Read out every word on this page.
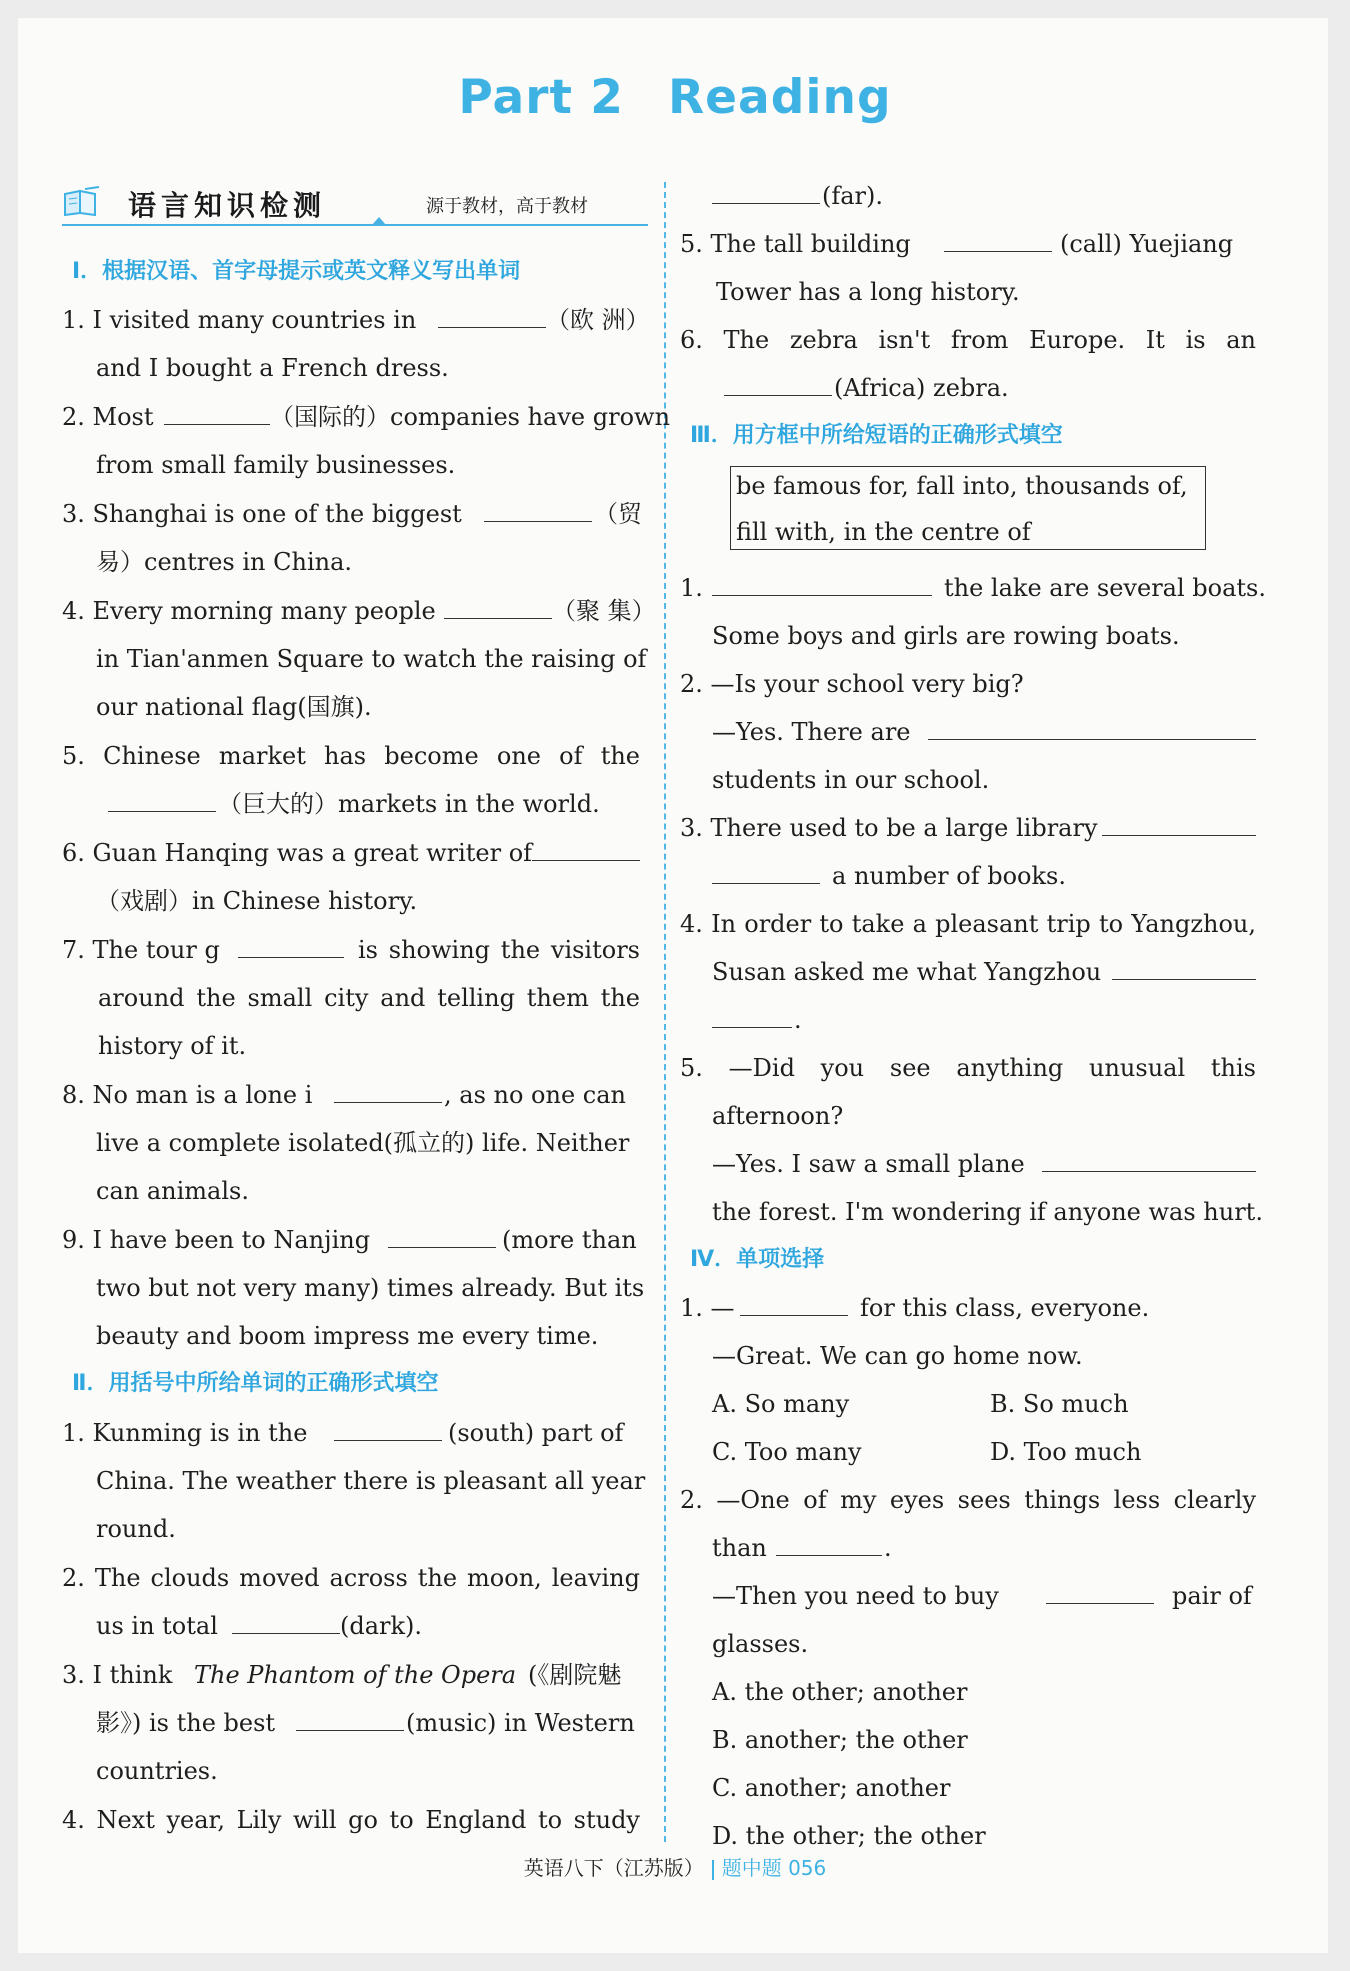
Part 2 Reading
语言知识检测	源于教材，高于教材
Ⅰ．根据汉语、首字母提示或英文释义写出单词
1. I visited many countries in	（欧 洲）
and I bought a French dress.
2. Most	（国际的）companies have grown
from small family businesses.
3. Shanghai is one of the biggest	（贸
易）centres in China.
4. Every morning many people	（聚 集）
in Tian'anmen Square to watch the raising of
our national flag(国旗).
5. Chinese market has become one of the
（巨大的）markets in the world.
6. Guan Hanqing was a great writer of
（戏剧）in Chinese history.
7. The tour g	is showing the visitors
around the small city and telling them the
history of it.
8. No man is a lone i	, as no one can
live a complete isolated(孤立的) life. Neither
can animals.
9. I have been to Nanjing	(more than
two but not very many) times already. But its
beauty and boom impress me every time.
Ⅱ．用括号中所给单词的正确形式填空
1. Kunming is in the	(south) part of
China. The weather there is pleasant all year
round.
2. The clouds moved across the moon, leaving
us in total	(dark).
3. I think The Phantom of the Opera (《剧院魅
影》) is the best	(music) in Western
countries.
4. Next year, Lily will go to England to study
(far).
5. The tall building	(call) Yuejiang
Tower has a long history.
6. The zebra isn't from Europe. It is an
(Africa) zebra.
Ⅲ．用方框中所给短语的正确形式填空
be famous for, fall into, thousands of,
fill with, in the centre of
1.	the lake are several boats.
Some boys and girls are rowing boats.
2. —Is your school very big?
—Yes. There are
students in our school.
3. There used to be a large library
a number of books.
4. In order to take a pleasant trip to Yangzhou,
Susan asked me what Yangzhou
.
5. —Did you see anything unusual this
afternoon?
—Yes. I saw a small plane
the forest. I'm wondering if anyone was hurt.
Ⅳ．单项选择
1. —	for this class, everyone.
—Great. We can go home now.
A. So many	B. So much
C. Too many	D. Too much
2. —One of my eyes sees things less clearly
than	.
—Then you need to buy	pair of
glasses.
A. the other; another
B. another; the other
C. another; another
D. the other; the other
英语八下（江苏版） 题中题 056
